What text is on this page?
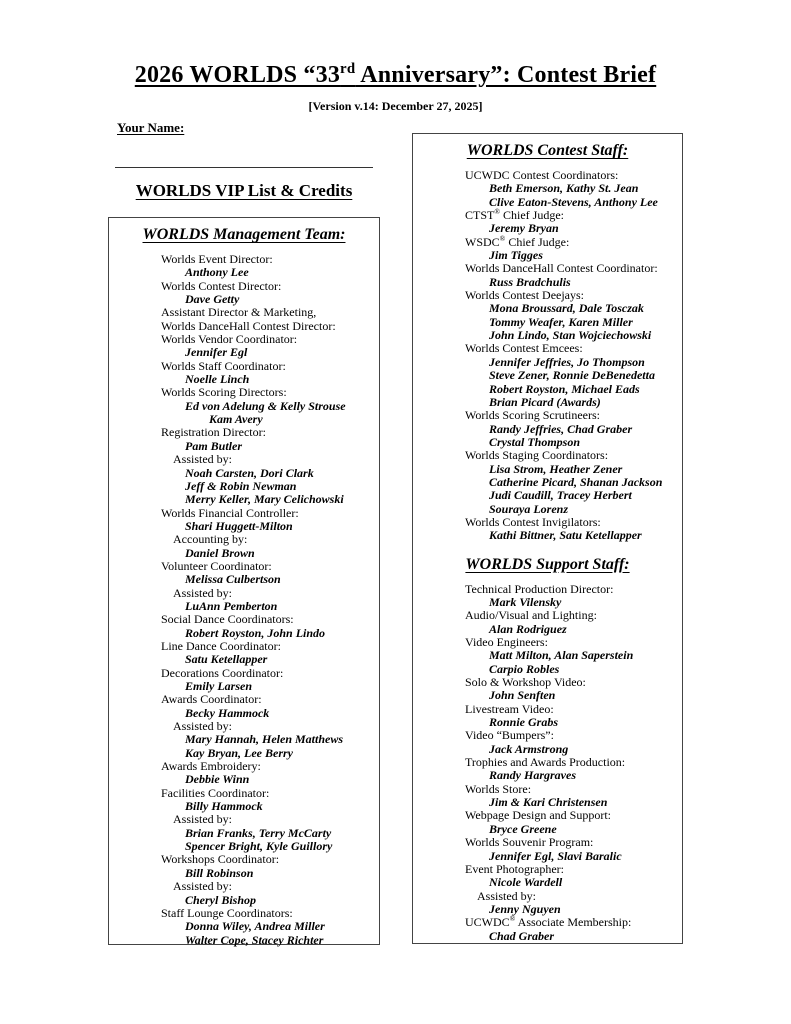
2026 WORLDS “33rd Anniversary”: Contest Brief
[Version v.14: December 27, 2025]
Your Name:
WORLDS VIP List & Credits
WORLDS Management Team:
Worlds Event Director:
Anthony Lee
Worlds Contest Director:
Dave Getty
Assistant Director & Marketing,
Worlds DanceHall Contest Director:
Worlds Vendor Coordinator:
Jennifer Egl
Worlds Staff Coordinator:
Noelle Linch
Worlds Scoring Directors:
Ed von Adelung & Kelly Strouse
Kam Avery
Registration Director:
Pam Butler
Assisted by:
Noah Carsten, Dori Clark
Jeff & Robin Newman
Merry Keller, Mary Celichowski
Worlds Financial Controller:
Shari Huggett-Milton
Accounting by:
Daniel Brown
Volunteer Coordinator:
Melissa Culbertson
Assisted by:
LuAnn Pemberton
Social Dance Coordinators:
Robert Royston, John Lindo
Line Dance Coordinator:
Satu Ketellapper
Decorations Coordinator:
Emily Larsen
Awards Coordinator:
Becky Hammock
Assisted by:
Mary Hannah, Helen Matthews
Kay Bryan, Lee Berry
Awards Embroidery:
Debbie Winn
Facilities Coordinator:
Billy Hammock
Assisted by:
Brian Franks, Terry McCarty
Spencer Bright, Kyle Guillory
Workshops Coordinator:
Bill Robinson
Assisted by:
Cheryl Bishop
Staff Lounge Coordinators:
Donna Wiley, Andrea Miller
Walter Cope, Stacey Richter
WORLDS Contest Staff:
UCWDC Contest Coordinators:
Beth Emerson, Kathy St. Jean
Clive Eaton-Stevens, Anthony Lee
CTST® Chief Judge:
Jeremy Bryan
WSDC® Chief Judge:
Jim Tigges
Worlds DanceHall Contest Coordinator:
Russ Bradchulis
Worlds Contest Deejays:
Mona Broussard, Dale Tosczak
Tommy Weafer, Karen Miller
John Lindo, Stan Wojciechowski
Worlds Contest Emcees:
Jennifer Jeffries, Jo Thompson
Steve Zener, Ronnie DeBenedetta
Robert Royston, Michael Eads
Brian Picard (Awards)
Worlds Scoring Scrutineers:
Randy Jeffries, Chad Graber
Crystal Thompson
Worlds Staging Coordinators:
Lisa Strom, Heather Zener
Catherine Picard, Shanan Jackson
Judi Caudill, Tracey Herbert
Souraya Lorenz
Worlds Contest Invigilators:
Kathi Bittner, Satu Ketellapper
WORLDS Support Staff:
Technical Production Director:
Mark Vilensky
Audio/Visual and Lighting:
Alan Rodriguez
Video Engineers:
Matt Milton, Alan Saperstein
Carpio Robles
Solo & Workshop Video:
John Senften
Livestream Video:
Ronnie Grabs
Video “Bumpers”:
Jack Armstrong
Trophies and Awards Production:
Randy Hargraves
Worlds Store:
Jim & Kari Christensen
Webpage Design and Support:
Bryce Greene
Worlds Souvenir Program:
Jennifer Egl, Slavi Baralic
Event Photographer:
Nicole Wardell
Assisted by:
Jenny Nguyen
UCWDC® Associate Membership:
Chad Graber
